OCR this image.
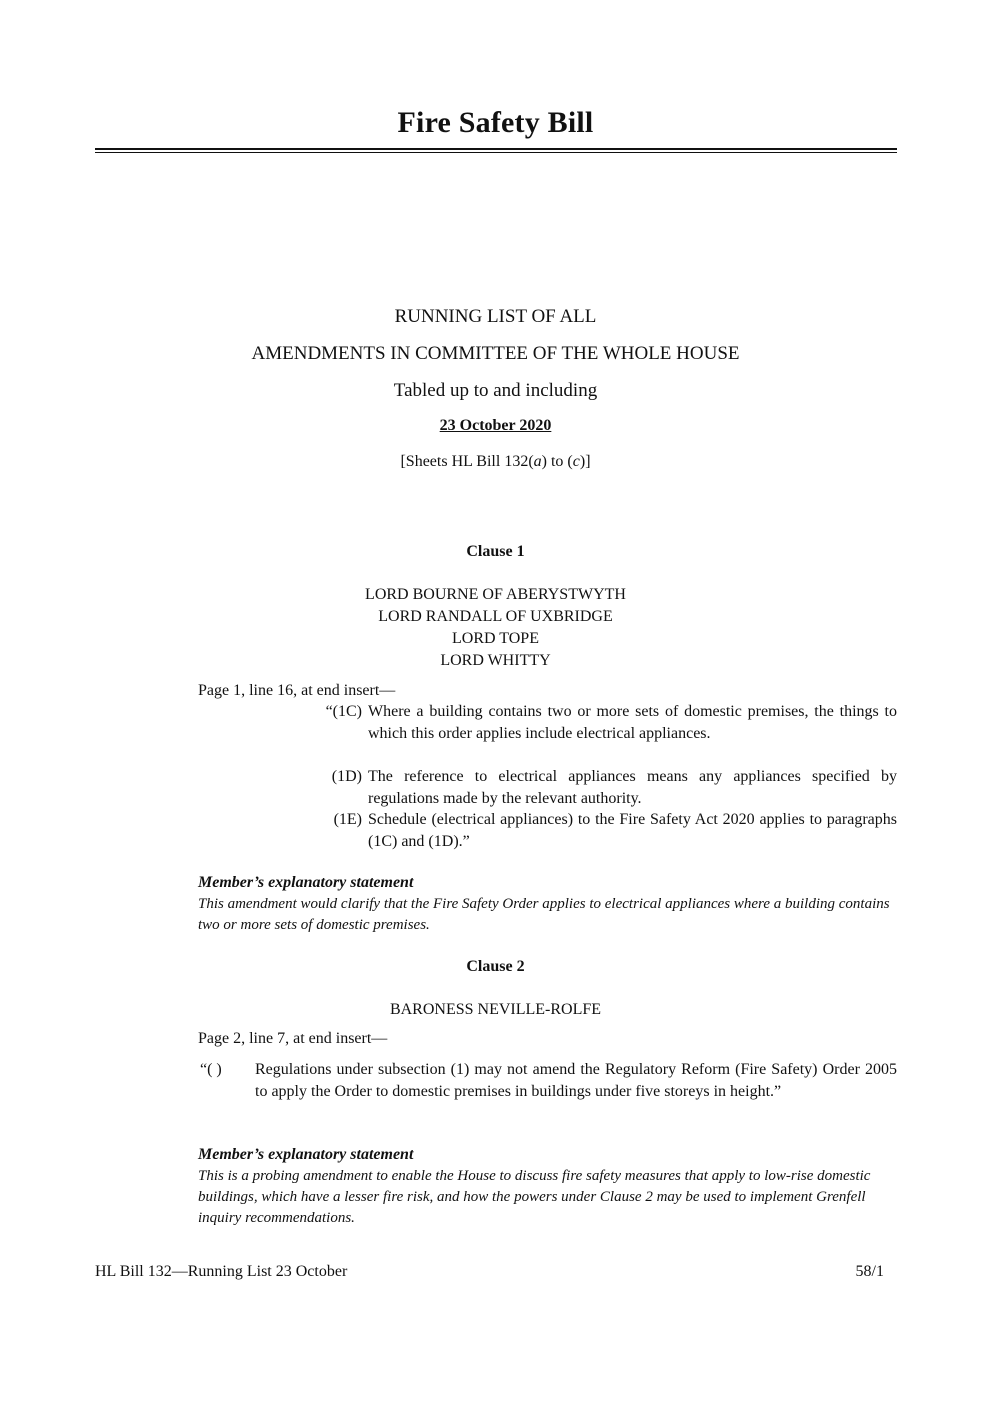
Fire Safety Bill
RUNNING LIST OF ALL
AMENDMENTS IN COMMITTEE OF THE WHOLE HOUSE
Tabled up to and including
23 October 2020
[Sheets HL Bill 132(a) to (c)]
Clause 1
LORD BOURNE OF ABERYSTWYTH
LORD RANDALL OF UXBRIDGE
LORD TOPE
LORD WHITTY
Page 1, line 16, at end insert—
“(1C) Where a building contains two or more sets of domestic premises, the things to which this order applies include electrical appliances.
(1D) The reference to electrical appliances means any appliances specified by regulations made by the relevant authority.
(1E) Schedule (electrical appliances) to the Fire Safety Act 2020 applies to paragraphs (1C) and (1D).”
Member’s explanatory statement
This amendment would clarify that the Fire Safety Order applies to electrical appliances where a building contains two or more sets of domestic premises.
Clause 2
BARONESS NEVILLE-ROLFE
Page 2, line 7, at end insert—
“( )	Regulations under subsection (1) may not amend the Regulatory Reform (Fire Safety) Order 2005 to apply the Order to domestic premises in buildings under five storeys in height.”
Member’s explanatory statement
This is a probing amendment to enable the House to discuss fire safety measures that apply to low-rise domestic buildings, which have a lesser fire risk, and how the powers under Clause 2 may be used to implement Grenfell inquiry recommendations.
HL Bill 132—Running List 23 October	58/1
